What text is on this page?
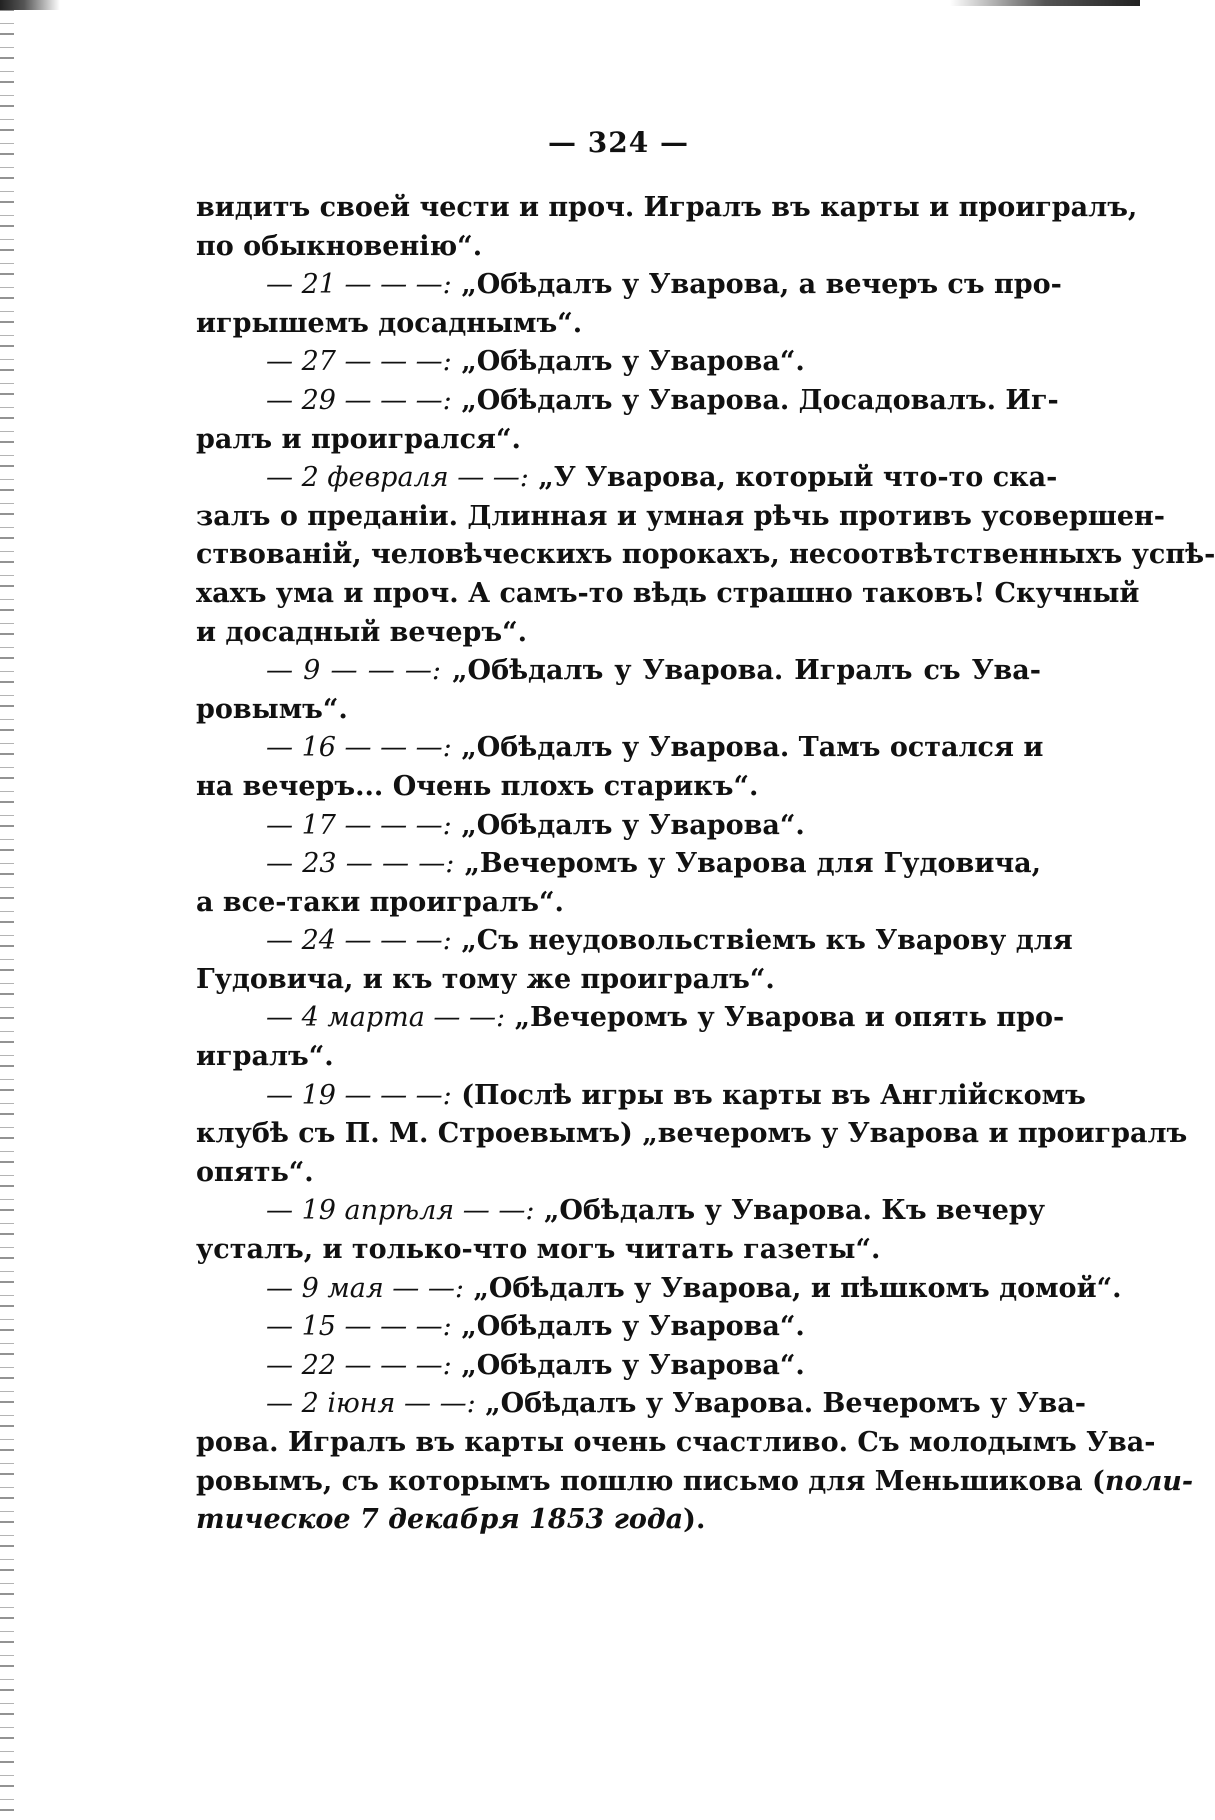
— 324 —
видитъ своей чести и проч. Игралъ въ карты и проигралъ,
по обыкновенію“.
— 21 — — —: „Обѣдалъ у Уварова, а вечеръ съ про-
игрышемъ досаднымъ“.
— 27 — — —: „Обѣдалъ у Уварова“.
— 29 — — —: „Обѣдалъ у Уварова. Досадовалъ. Иг-
ралъ и проигрался“.
— 2 февраля — —: „У Уварова, который что-то ска-
залъ о преданіи. Длинная и умная рѣчь противъ усовершен-
ствованій, человѣческихъ порокахъ, несоотвѣтственныхъ успѣ-
хахъ ума и проч. А самъ-то вѣдь страшно таковъ! Скучный
и досадный вечеръ“.
— 9 — — —: „Обѣдалъ у Уварова. Игралъ съ Ува-
ровымъ“.
— 16 — — —: „Обѣдалъ у Уварова. Тамъ остался и
на вечеръ... Очень плохъ старикъ“.
— 17 — — —: „Обѣдалъ у Уварова“.
— 23 — — —: „Вечеромъ у Уварова для Гудовича,
а все-таки проигралъ“.
— 24 — — —: „Съ неудовольствіемъ къ Уварову для
Гудовича, и къ тому же проигралъ“.
— 4 марта — —: „Вечеромъ у Уварова и опять про-
игралъ“.
— 19 — — —: (Послѣ игры въ карты въ Англійскомъ
клубѣ съ П. М. Строевымъ) „вечеромъ у Уварова и проигралъ
опять“.
— 19 апрѣля — —: „Обѣдалъ у Уварова. Къ вечеру
усталъ, и только-что могъ читать газеты“.
— 9 мая — —: „Обѣдалъ у Уварова, и пѣшкомъ домой“.
— 15 — — —: „Обѣдалъ у Уварова“.
— 22 — — —: „Обѣдалъ у Уварова“.
— 2 іюня — —: „Обѣдалъ у Уварова. Вечеромъ у Ува-
рова. Игралъ въ карты очень счастливо. Съ молодымъ Ува-
ровымъ, съ которымъ пошлю письмо для Меньшикова (поли-
тическое 7 декабря 1853 года).
